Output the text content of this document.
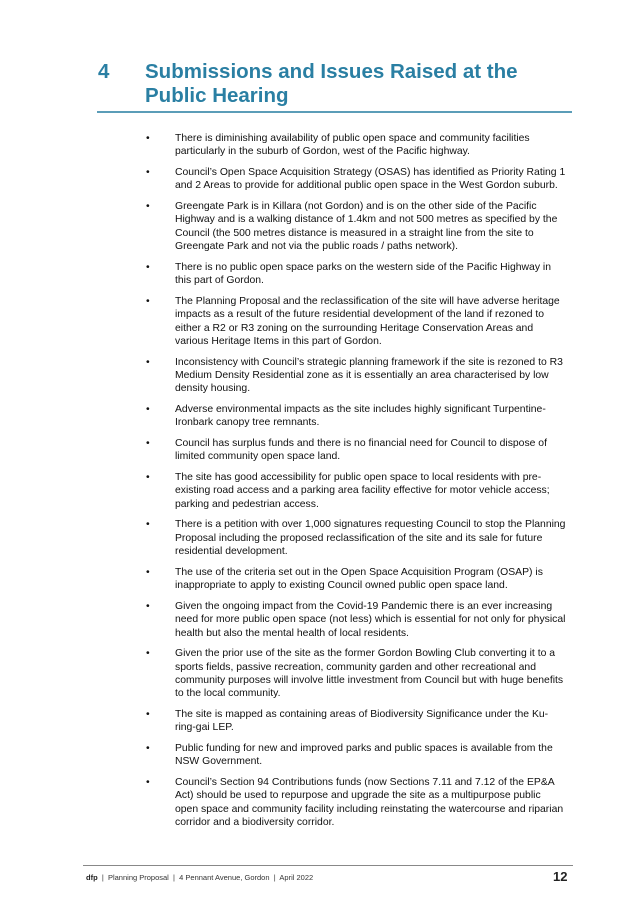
4 Submissions and Issues Raised at the Public Hearing
• There is diminishing availability of public open space and community facilities particularly in the suburb of Gordon, west of the Pacific highway.
• Council’s Open Space Acquisition Strategy (OSAS) has identified as Priority Rating 1 and 2 Areas to provide for additional public open space in the West Gordon suburb.
• Greengate Park is in Killara (not Gordon) and is on the other side of the Pacific Highway and is a walking distance of 1.4km and not 500 metres as specified by the Council (the 500 metres distance is measured in a straight line from the site to Greengate Park and not via the public roads / paths network).
• There is no public open space parks on the western side of the Pacific Highway in this part of Gordon.
• The Planning Proposal and the reclassification of the site will have adverse heritage impacts as a result of the future residential development of the land if rezoned to either a R2 or R3 zoning on the surrounding Heritage Conservation Areas and various Heritage Items in this part of Gordon.
• Inconsistency with Council’s strategic planning framework if the site is rezoned to R3 Medium Density Residential zone as it is essentially an area characterised by low density housing.
• Adverse environmental impacts as the site includes highly significant Turpentine-Ironbark canopy tree remnants.
• Council has surplus funds and there is no financial need for Council to dispose of limited community open space land.
• The site has good accessibility for public open space to local residents with pre-existing road access and a parking area facility effective for motor vehicle access; parking and pedestrian access.
• There is a petition with over 1,000 signatures requesting Council to stop the Planning Proposal including the proposed reclassification of the site and its sale for future residential development.
• The use of the criteria set out in the Open Space Acquisition Program (OSAP) is inappropriate to apply to existing Council owned public open space land.
• Given the ongoing impact from the Covid-19 Pandemic there is an ever increasing need for more public open space (not less) which is essential for not only for physical health but also the mental health of local residents.
• Given the prior use of the site as the former Gordon Bowling Club converting it to a sports fields, passive recreation, community garden and other recreational and community purposes will involve little investment from Council but with huge benefits to the local community.
• The site is mapped as containing areas of Biodiversity Significance under the Ku-ring-gai LEP.
• Public funding for new and improved parks and public spaces is available from the NSW Government.
• Council’s Section 94 Contributions funds (now Sections 7.11 and 7.12 of the EP&A Act) should be used to repurpose and upgrade the site as a multipurpose public open space and community facility including reinstating the watercourse and riparian corridor and a biodiversity corridor.
dfp | Planning Proposal | 4 Pennant Avenue, Gordon | April 2022	12
